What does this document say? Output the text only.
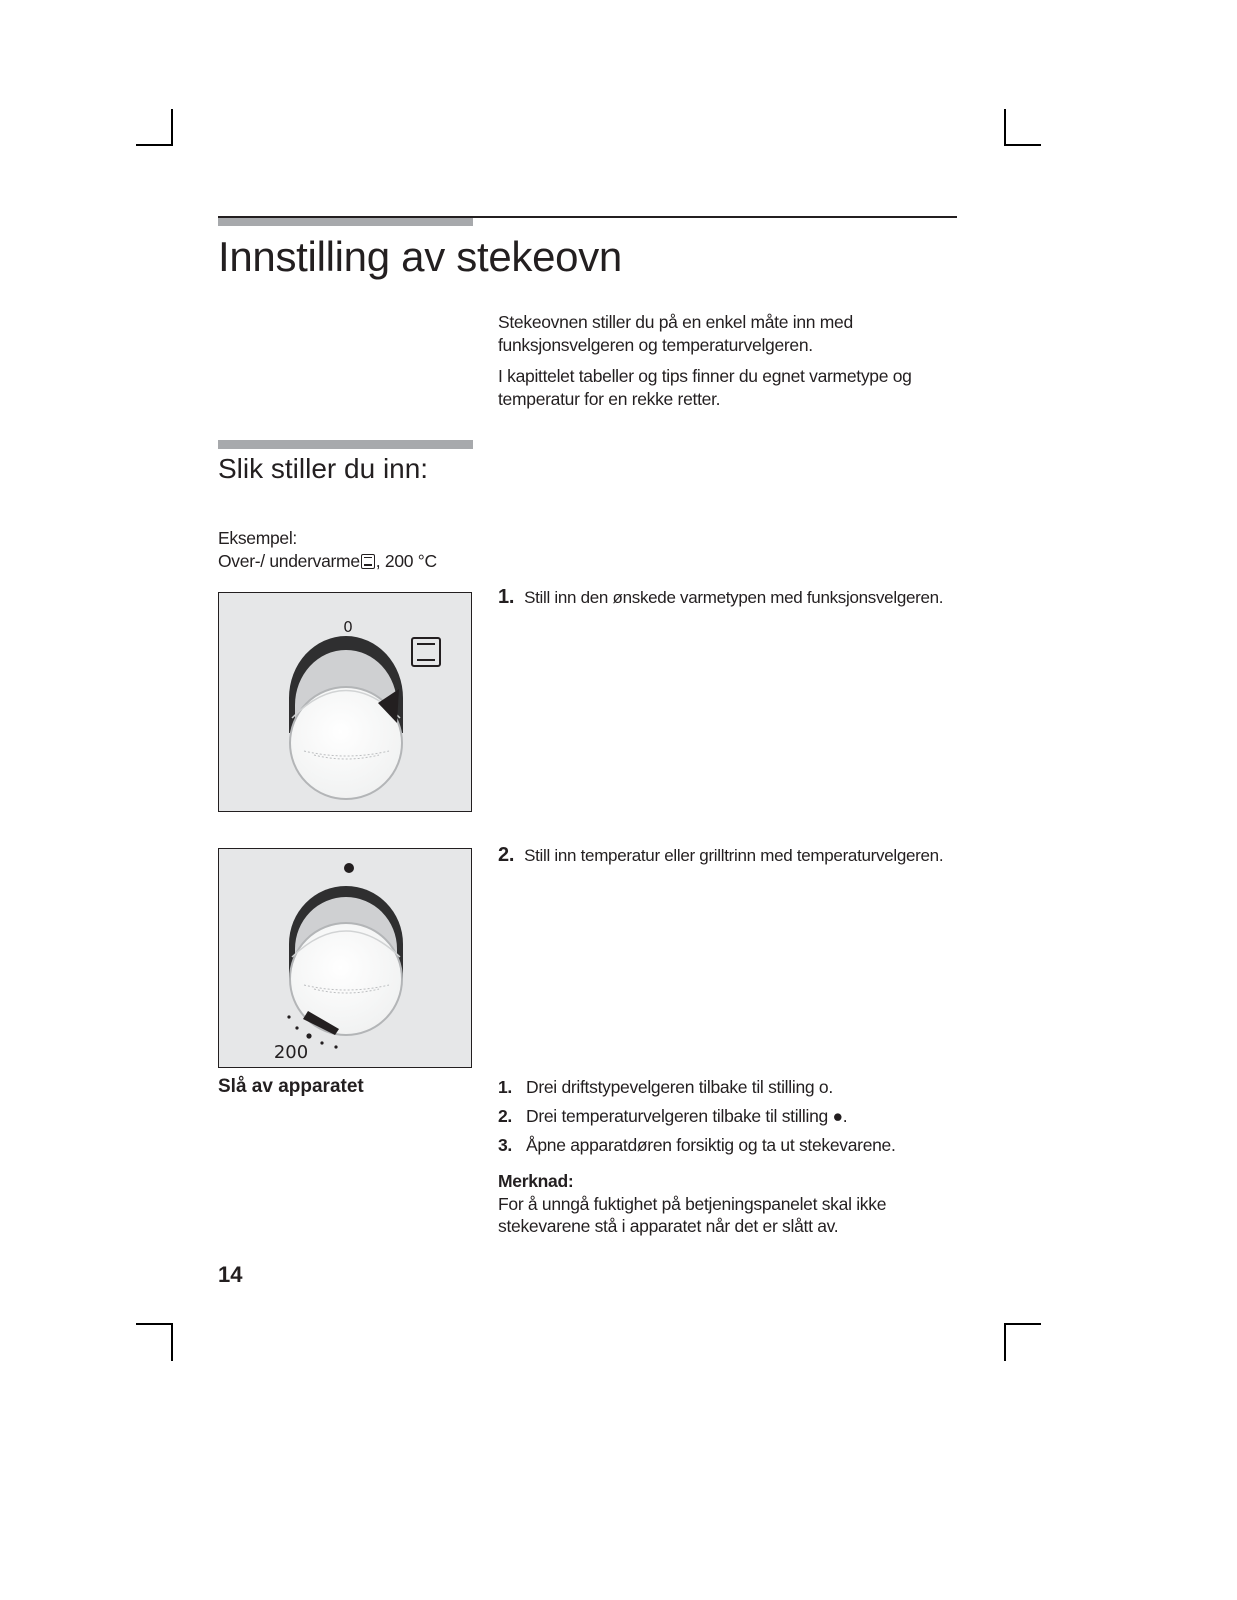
Innstilling av stekeovn

Stekeovnen stiller du på en enkel måte inn med funksjonsvelgeren og temperaturvelgeren.

I kapittelet tabeller og tips finner du egnet varmetype og temperatur for en rekke retter.

Slik stiller du inn:
Eksempel:
Over-/ undervarme , 200 °C
0
200
1. Still inn den ønskede varmetypen med funksjonsvelgeren.
2. Still inn temperatur eller grilltrinn med temperaturvelgeren.
Slå av apparatet	1. Drei driftstypevelgeren tilbake til stilling o.
2. Drei temperaturvelgeren tilbake til stilling ●.
3. Åpne apparatdøren forsiktig og ta ut stekevarene.
Merknad:
For å unngå fuktighet på betjeningspanelet skal ikke stekevarene stå i apparatet når det er slått av.
14
